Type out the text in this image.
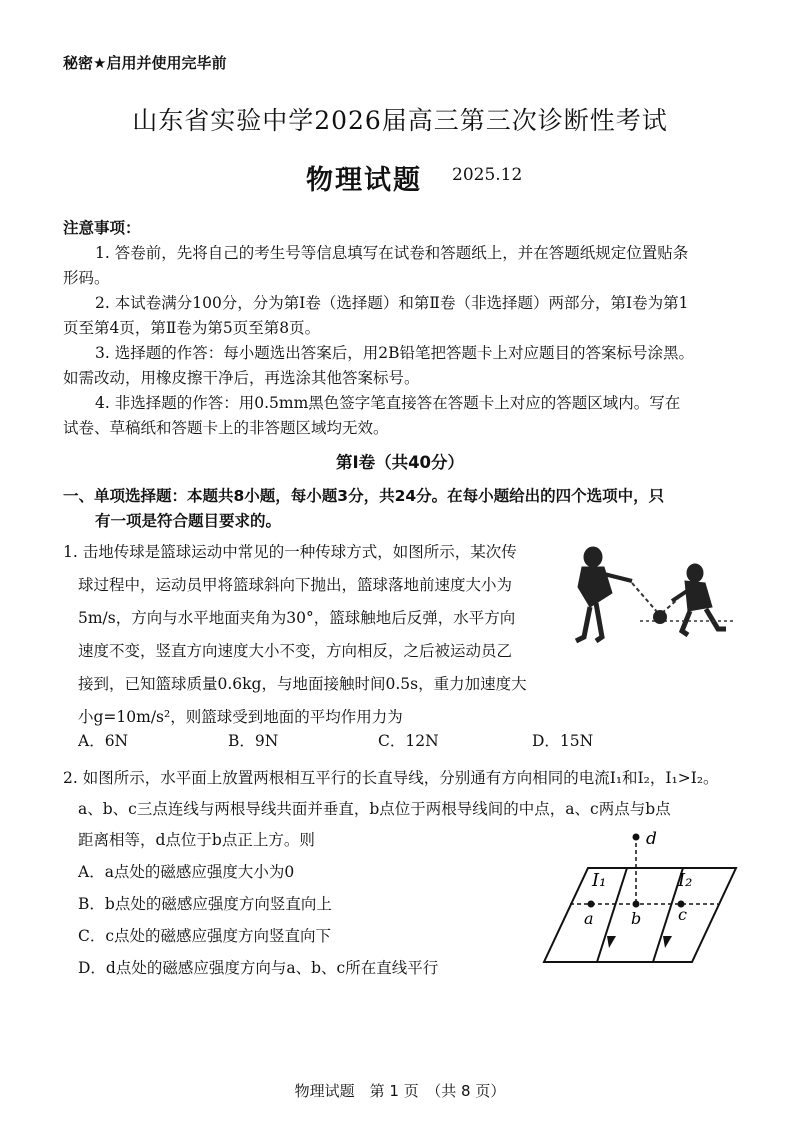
秘密★启用并使用完毕前
山东省实验中学2026届高三第三次诊断性考试
物理试题 2025.12
注意事项：
1. 答卷前，先将自己的考生号等信息填写在试卷和答题纸上，并在答题纸规定位置贴条
形码。
2. 本试卷满分100分，分为第Ⅰ卷（选择题）和第Ⅱ卷（非选择题）两部分，第Ⅰ卷为第1
页至第4页，第Ⅱ卷为第5页至第8页。
3. 选择题的作答：每小题选出答案后，用2B铅笔把答题卡上对应题目的答案标号涂黑。
如需改动，用橡皮擦干净后，再选涂其他答案标号。
4. 非选择题的作答：用0.5mm黑色签字笔直接答在答题卡上对应的答题区域内。写在
试卷、草稿纸和答题卡上的非答题区域均无效。
第Ⅰ卷（共40分）
一、单项选择题：本题共8小题，每小题3分，共24分。在每小题给出的四个选项中，只
有一项是符合题目要求的。
1. 击地传球是篮球运动中常见的一种传球方式，如图所示，某次传
球过程中，运动员甲将篮球斜向下抛出，篮球落地前速度大小为
5m/s，方向与水平地面夹角为30°，篮球触地后反弹，水平方向
速度不变，竖直方向速度大小不变，方向相反，之后被运动员乙
接到，已知篮球质量0.6kg，与地面接触时间0.5s，重力加速度大
小g=10m/s²，则篮球受到地面的平均作用力为
A．6N	B．9N	C．12N	D．15N
2. 如图所示，水平面上放置两根相互平行的长直导线，分别通有方向相同的电流I₁和I₂，I₁>I₂。
a、b、c三点连线与两根导线共面并垂直，b点位于两根导线间的中点，a、c两点与b点
距离相等，d点位于b点正上方。则
A．a点处的磁感应强度大小为0
B．b点处的磁感应强度方向竖直向上
C．c点处的磁感应强度方向竖直向下
D．d点处的磁感应强度方向与a、b、c所在直线平行
d
I₁	I₂
a b c
物理试题　第 1 页　（共 8 页）
